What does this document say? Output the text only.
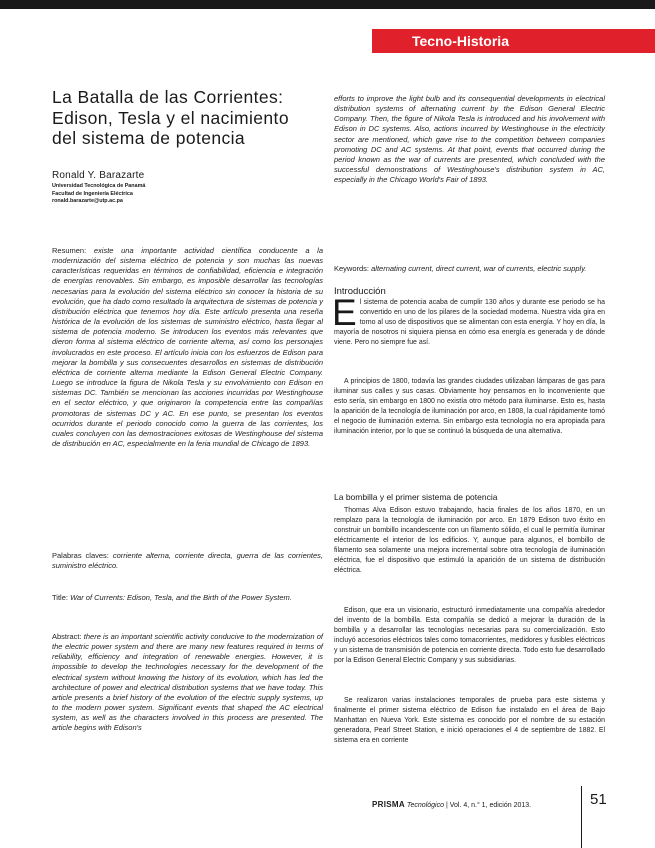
Tecno-Historia
La Batalla de las Corrientes: Edison, Tesla y el nacimiento del sistema de potencia
Ronald Y. Barazarte
Universidad Tecnológica de Panamá
Facultad de Ingeniería Eléctrica
ronald.barazarte@utp.ac.pa

Resumen: existe una importante actividad científica conducente a la modernización del sistema eléctrico de potencia y son muchas las nuevas características requeridas en términos de confiabilidad, eficiencia e integración de energías renovables. Sin embargo, es imposible desarrollar las tecnologías necesarias para la evolución del sistema eléctrico sin conocer la historia de su evolución, que ha dado como resultado la arquitectura de sistemas de potencia y distribución eléctrica que tenemos hoy día. Este artículo presenta una reseña histórica de la evolución de los sistemas de suministro eléctrico, hasta llegar al sistema de potencia moderno. Se introducen los eventos más relevantes que dieron forma al sistema eléctrico de corriente alterna, así como los personajes involucrados en este proceso. El artículo inicia con los esfuerzos de Edison para mejorar la bombilla y sus consecuentes desarrollos en sistemas de distribución eléctrica de corriente alterna mediante la Edison General Electric Company. Luego se introduce la figura de Nikola Tesla y su envolvimiento con Edison en sistemas DC. También se mencionan las acciones incurridas por Westinghouse en el sector eléctrico, y que originaron la competencia entre las compañías promotoras de sistemas DC y AC. En ese punto, se presentan los eventos ocurridos durante el periodo conocido como la guerra de las corrientes, los cuales concluyen con las demostraciones exitosas de Westinghouse del sistema de distribución en AC, especialmente en la feria mundial de Chicago de 1893.

Palabras claves: corriente alterna, corriente directa, guerra de las corrientes, suministro eléctrico.

Title: War of Currents: Edison, Tesla, and the Birth of the Power System.

Abstract: there is an important scientific activity conducive to the modernization of the electric power system and there are many new features required in terms of reliability, efficiency and integration of renewable energies. However, it is impossible to develop the technologies necessary for the development of the electrical system without knowing the history of its evolution, which has led the architecture of power and electrical distribution systems that we have today. This article presents a brief history of the evolution of the electric supply systems, up to the modern power system. Significant events that shaped the AC electrical system, as well as the characters involved in this process are presented. The article begins with Edison's

efforts to improve the light bulb and its consequential developments in electrical distribution systems of alternating current by the Edison General Electric Company. Then, the figure of Nikola Tesla is introduced and his involvement with Edison in DC systems. Also, actions incurred by Westinghouse in the electricity sector are mentioned, which gave rise to the competition between companies promoting DC and AC systems. At that point, events that occurred during the period known as the war of currents are presented, which concluded with the successful demonstrations of Westinghouse's distribution system in AC, especially in the Chicago World's Fair of 1893.

Keywords: alternating current, direct current, war of currents, electric supply.

Introducción

El sistema de potencia acaba de cumplir 130 años y durante ese periodo se ha convertido en uno de los pilares de la sociedad moderna. Nuestra vida gira en torno al uso de dispositivos que se alimentan con esta energía. Y hoy en día, la mayoría de nosotros ni siquiera piensa en cómo esa energía es generada y de dónde viene. Pero no siempre fue así.

A principios de 1800, todavía las grandes ciudades utilizaban lámparas de gas para iluminar sus calles y sus casas. Obviamente hoy pensamos en lo inconveniente que esto sería, sin embargo en 1800 no existía otro método para iluminarse. Esto es, hasta la aparición de la tecnología de iluminación por arco, en 1808, la cual rápidamente tomó el negocio de iluminación externa. Sin embargo esta tecnología no era apropiada para iluminación interior, por lo que se continuó la búsqueda de una alternativa.

La bombilla y el primer sistema de potencia

Thomas Alva Edison estuvo trabajando, hacia finales de los años 1870, en un remplazo para la tecnología de iluminación por arco. En 1879 Edison tuvo éxito en construir un bombillo incandescente con un filamento sólido, el cual le permitía iluminar eléctricamente el interior de los edificios. Y, aunque para algunos, el bombillo de filamento sea solamente una mejora incremental sobre otra tecnología de iluminación eléctrica, fue el dispositivo que estimuló la aparición de un sistema de distribución eléctrica.

Edison, que era un visionario, estructuró inmediatamente una compañía alrededor del invento de la bombilla. Esta compañía se dedicó a mejorar la duración de la bombilla y a desarrollar las tecnologías necesarias para su comercialización. Esto incluyó accesorios eléctricos tales como tomacorrientes, medidores y fusibles eléctricos y un sistema de transmisión de potencia en corriente directa. Todo esto fue desarrollado por la Edison General Electric Company y sus subsidiarias.

Se realizaron varias instalaciones temporales de prueba para este sistema y finalmente el primer sistema eléctrico de Edison fue instalado en el área de Bajo Manhattan en Nueva York. Este sistema es conocido por el nombre de su estación generadora, Pearl Street Station, e inició operaciones el 4 de septiembre de 1882. El sistema era en corriente

PRISMA Tecnológico | Vol. 4, n.° 1, edición 2013.	51
